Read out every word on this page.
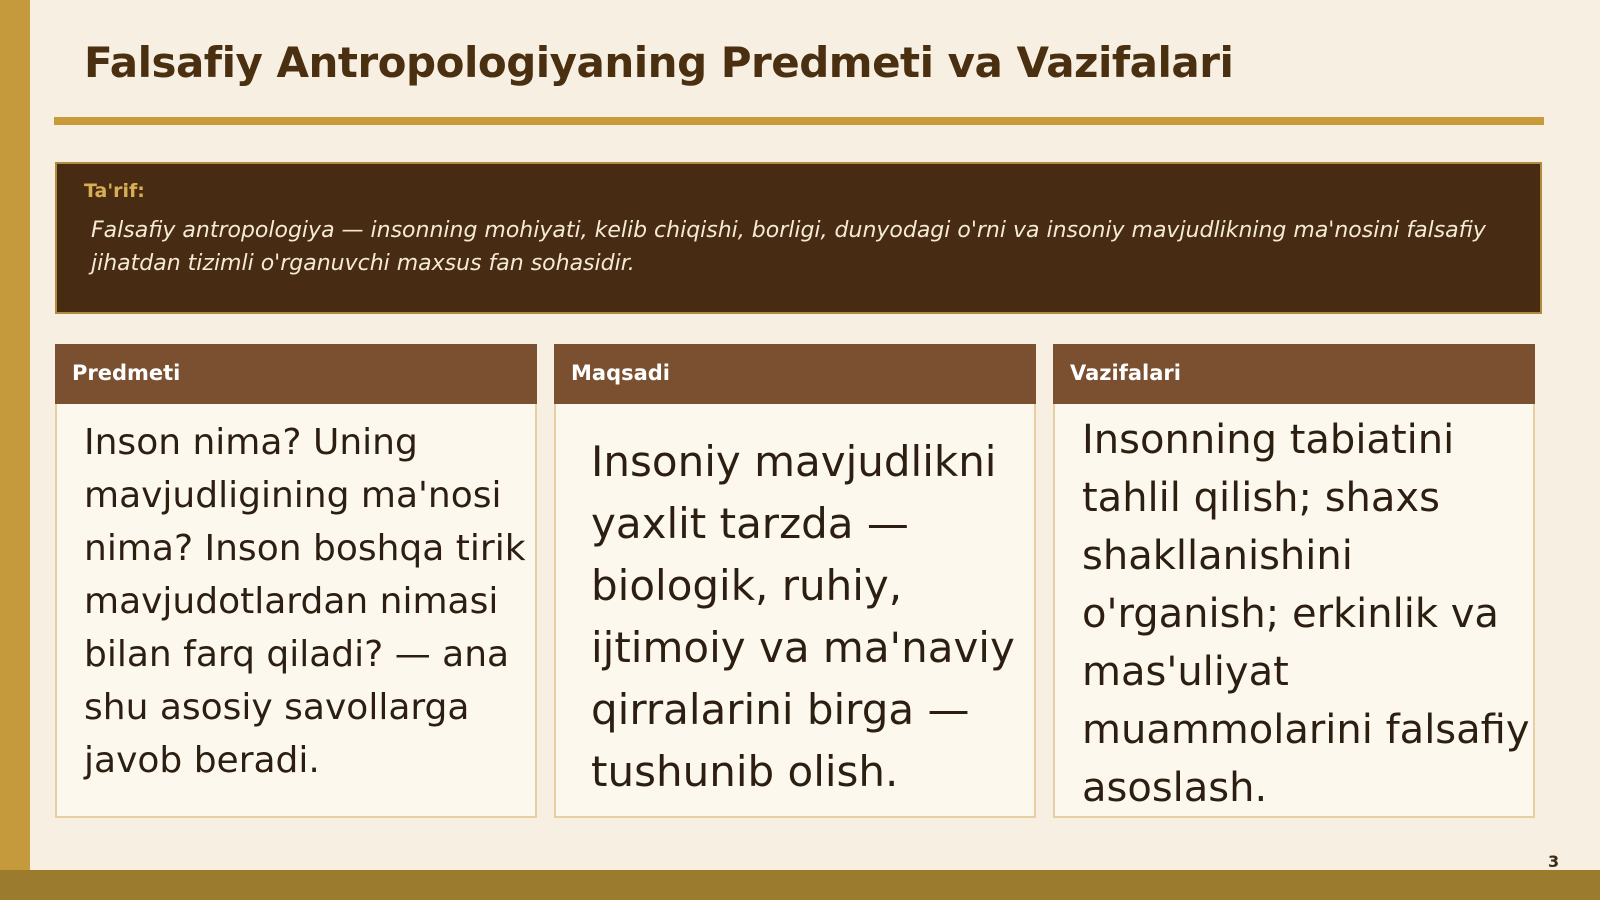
Falsafiy Antropologiyaning Predmeti va Vazifalari
Ta'rif:
Falsafiy antropologiya — insonning mohiyati, kelib chiqishi, borligi, dunyodagi o'rni va insoniy mavjudlikning ma'nosini falsafiy jihatdan tizimli o'rganuvchi maxsus fan sohasidir.
Predmeti
Inson nima? Uning mavjudligining ma'nosi nima? Inson boshqa tirik mavjudotlardan nimasi bilan farq qiladi? — ana shu asosiy savollarga javob beradi.
Maqsadi
Insoniy mavjudlikni yaxlit tarzda — biologik, ruhiy, ijtimoiy va ma'naviy qirralarini birga — tushunib olish.
Vazifalari
Insonning tabiatini tahlil qilish; shaxs shakllanishini o'rganish; erkinlik va mas'uliyat muammolarini falsafiy asoslash.
3
